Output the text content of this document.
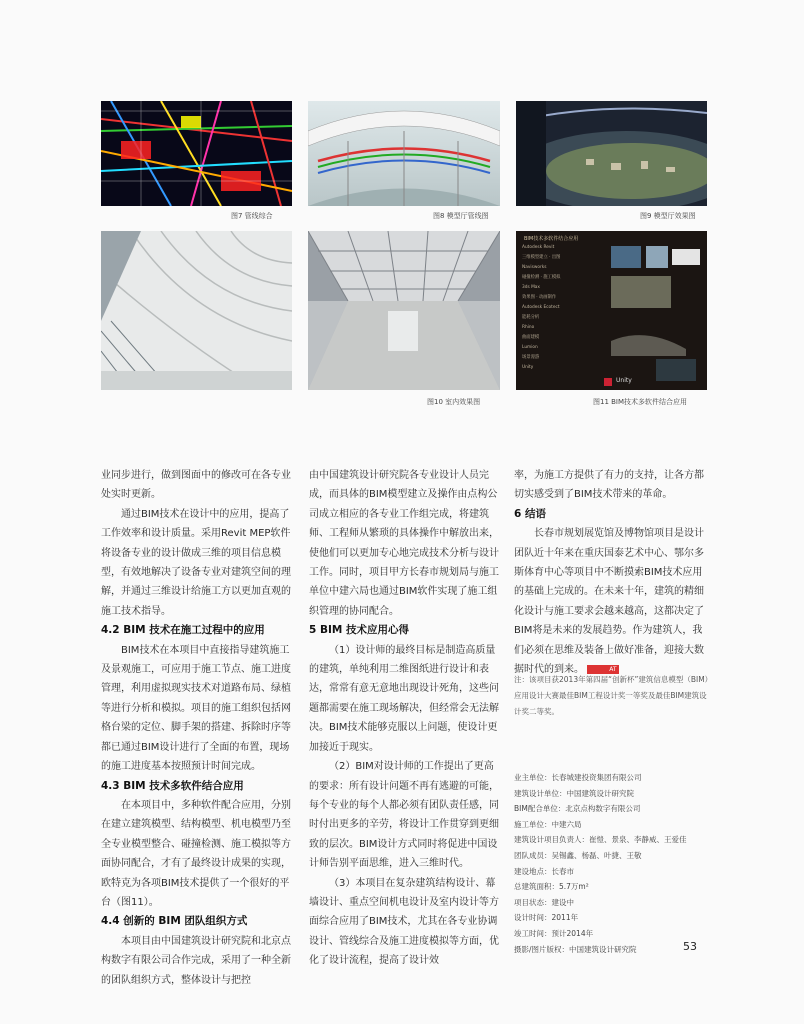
图7 管线综合	图8 模型厅管线图	图9 模型厅效果图
BIM技术多软件结合应用
Autodesk Revit
三维模型建立 · 出图
Navisworks
碰撞检测 · 施工模拟
3ds Max
效果图 · 动画制作
Autodesk Ecotect
能耗分析
Rhino
曲面建模
Lumion
场景漫游
Unity
Unity
图10 室内效果图	图11 BIM技术多软件结合应用

业同步进行，做到图面中的修改可在各专业处实时更新。

通过BIM技术在设计中的应用，提高了工作效率和设计质量。采用Revit MEP软件将设备专业的设计做成三维的项目信息模型，有效地解决了设备专业对建筑空间的理解，并通过三维设计给施工方以更加直观的施工技术指导。

4.2 BIM 技术在施工过程中的应用

BIM技术在本项目中直接指导建筑施工及景观施工，可应用于施工节点、施工进度管理，利用虚拟现实技术对道路布局、绿植等进行分析和模拟。项目的施工组织包括网格台梁的定位、脚手架的搭建、拆除时序等都已通过BIM设计进行了全面的布置，现场的施工进度基本按照预计时间完成。

4.3 BIM 技术多软件结合应用

在本项目中，多种软件配合应用，分别在建立建筑模型、结构模型、机电模型乃至全专业模型整合、碰撞检测、施工模拟等方面协同配合，才有了最终设计成果的实现，欧特克为各项BIM技术提供了一个很好的平台（图11）。

4.4 创新的 BIM 团队组织方式

本项目由中国建筑设计研究院和北京点构数字有限公司合作完成，采用了一种全新的团队组织方式，整体设计与把控

由中国建筑设计研究院各专业设计人员完成，而具体的BIM模型建立及操作由点构公司成立相应的各专业工作组完成，将建筑师、工程师从繁琐的具体操作中解放出来，使他们可以更加专心地完成技术分析与设计工作。同时，项目甲方长春市规划局与施工单位中建六局也通过BIM软件实现了施工组织管理的协同配合。

5 BIM 技术应用心得

（1）设计师的最终目标是制造高质量的建筑，单纯利用二维图纸进行设计和表达，常常有意无意地出现设计死角，这些问题都需要在施工现场解决，但经常会无法解决。BIM技术能够克服以上问题，使设计更加接近于现实。

（2）BIM对设计师的工作提出了更高的要求：所有设计问题不再有逃避的可能，每个专业的每个人都必须有团队责任感，同时付出更多的辛劳，将设计工作贯穿到更细致的层次。BIM设计方式同时将促进中国设计师告别平面思维，进入三维时代。

（3）本项目在复杂建筑结构设计、幕墙设计、重点空间机电设计及室内设计等方面综合应用了BIM技术，尤其在各专业协调设计、管线综合及施工进度模拟等方面，优化了设计流程，提高了设计效

率，为施工方提供了有力的支持，让各方都切实感受到了BIM技术带来的革命。

6 结语

长春市规划展览馆及博物馆项目是设计团队近十年来在重庆国泰艺术中心、鄂尔多斯体育中心等项目中不断摸索BIM技术应用的基础上完成的。在未来十年，建筑的精细化设计与施工要求会越来越高，这都决定了BIM将是未来的发展趋势。作为建筑人，我们必须在思维及装备上做好准备，迎接大数据时代的到来。	AT

注：该项目获2013年第四届“创新杯”建筑信息模型（BIM）应用设计大赛最佳BIM工程设计奖一等奖及最佳BIM建筑设计奖二等奖。
业主单位：长春城建投资集团有限公司
建筑设计单位：中国建筑设计研究院
BIM配合单位：北京点构数字有限公司
施工单位：中建六局
建筑设计项目负责人：崔愷、景泉、李静威、王爱佳
团队成员：吴锡鑫、杨磊、叶捷、王敬
建设地点：长春市
总建筑面积：5.7万m²
项目状态：建设中
设计时间：2011年
竣工时间：预计2014年
摄影/图片版权：中国建筑设计研究院	53
